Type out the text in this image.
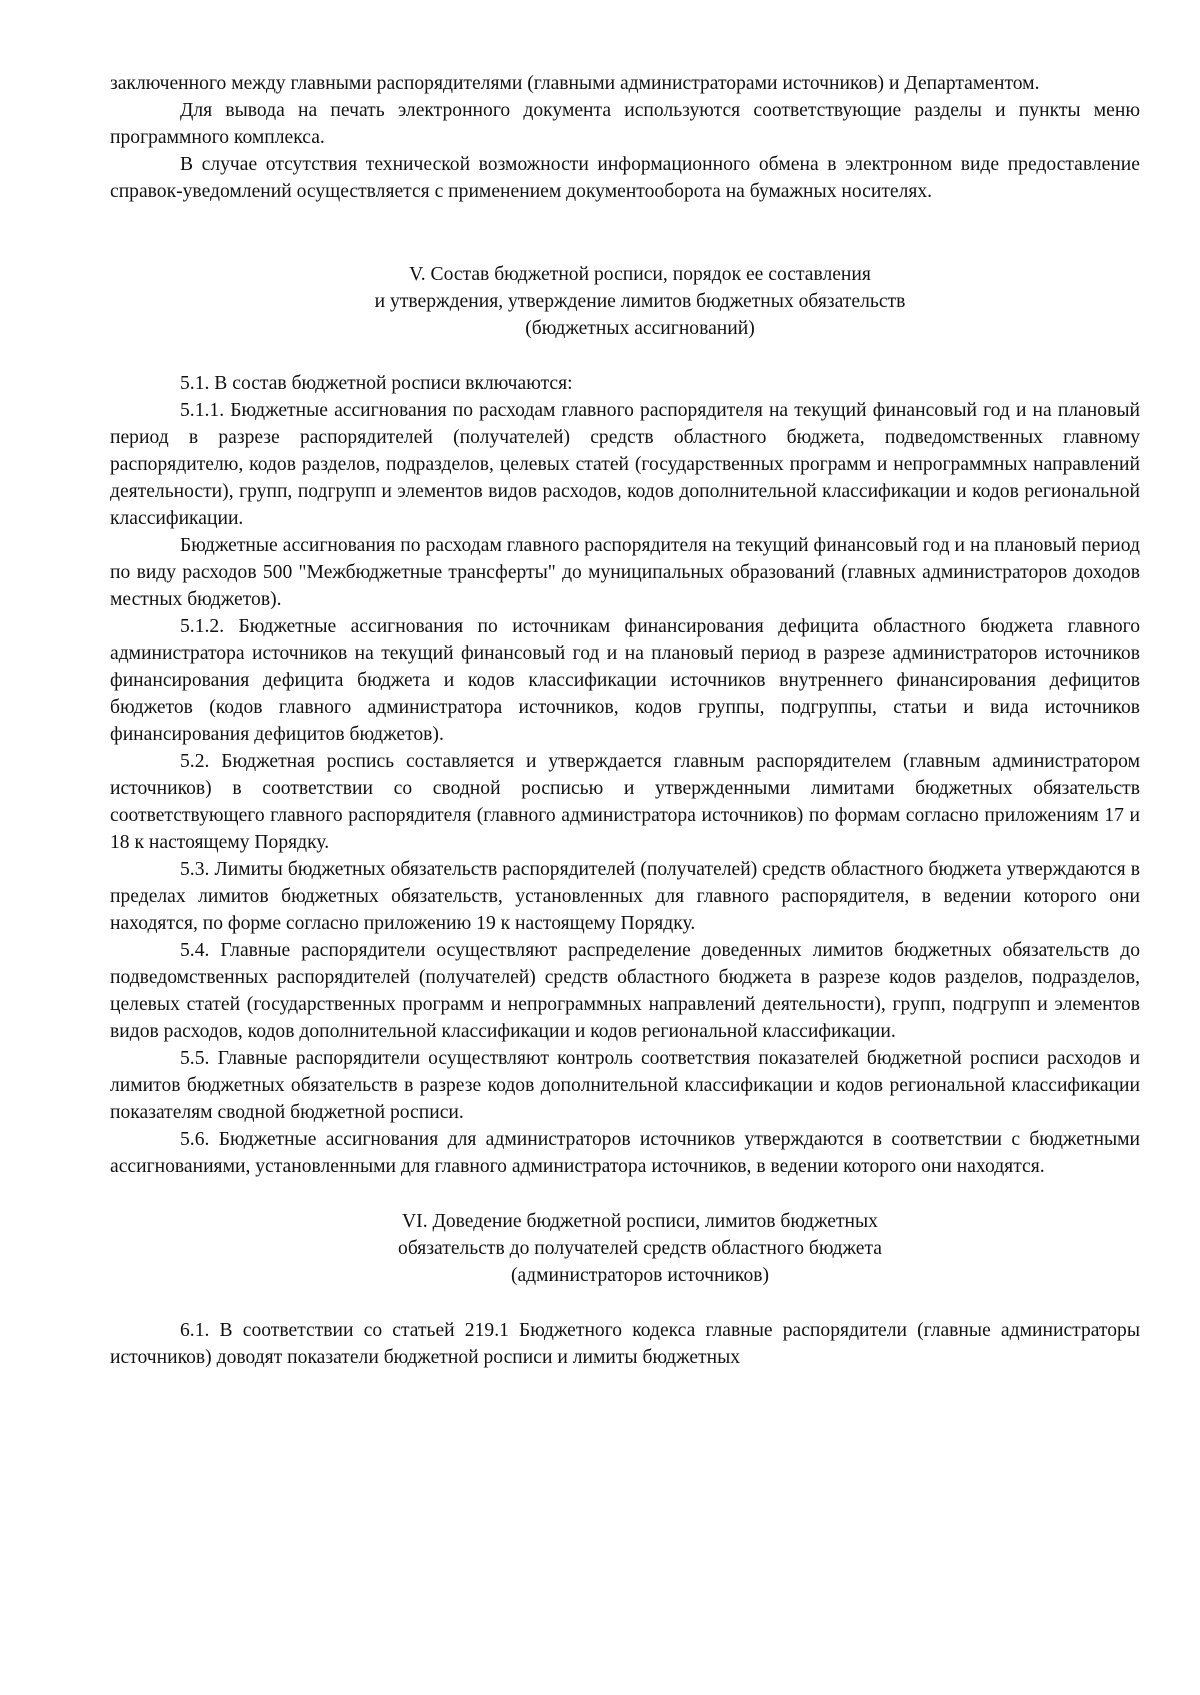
заключенного между главными распорядителями (главными администраторами источников) и Департаментом.

Для вывода на печать электронного документа используются соответствующие разделы и пункты меню программного комплекса.

В случае отсутствия технической возможности информационного обмена в электронном виде предоставление справок-уведомлений осуществляется с применением документооборота на бумажных носителях.

V. Состав бюджетной росписи, порядок ее составления
и утверждения, утверждение лимитов бюджетных обязательств
(бюджетных ассигнований)

5.1. В состав бюджетной росписи включаются:

5.1.1. Бюджетные ассигнования по расходам главного распорядителя на текущий финансовый год и на плановый период в разрезе распорядителей (получателей) средств областного бюджета, подведомственных главному распорядителю, кодов разделов, подразделов, целевых статей (государственных программ и непрограммных направлений деятельности), групп, подгрупп и элементов видов расходов, кодов дополнительной классификации и кодов региональной классификации.

Бюджетные ассигнования по расходам главного распорядителя на текущий финансовый год и на плановый период по виду расходов 500 "Межбюджетные трансферты" до муниципальных образований (главных администраторов доходов местных бюджетов).

5.1.2. Бюджетные ассигнования по источникам финансирования дефицита областного бюджета главного администратора источников на текущий финансовый год и на плановый период в разрезе администраторов источников финансирования дефицита бюджета и кодов классификации источников внутреннего финансирования дефицитов бюджетов (кодов главного администратора источников, кодов группы, подгруппы, статьи и вида источников финансирования дефицитов бюджетов).

5.2. Бюджетная роспись составляется и утверждается главным распорядителем (главным администратором источников) в соответствии со сводной росписью и утвержденными лимитами бюджетных обязательств соответствующего главного распорядителя (главного администратора источников) по формам согласно приложениям 17 и 18 к настоящему Порядку.

5.3. Лимиты бюджетных обязательств распорядителей (получателей) средств областного бюджета утверждаются в пределах лимитов бюджетных обязательств, установленных для главного распорядителя, в ведении которого они находятся, по форме согласно приложению 19 к настоящему Порядку.

5.4. Главные распорядители осуществляют распределение доведенных лимитов бюджетных обязательств до подведомственных распорядителей (получателей) средств областного бюджета в разрезе кодов разделов, подразделов, целевых статей (государственных программ и непрограммных направлений деятельности), групп, подгрупп и элементов видов расходов, кодов дополнительной классификации и кодов региональной классификации.

5.5. Главные распорядители осуществляют контроль соответствия показателей бюджетной росписи расходов и лимитов бюджетных обязательств в разрезе кодов дополнительной классификации и кодов региональной классификации показателям сводной бюджетной росписи.

5.6. Бюджетные ассигнования для администраторов источников утверждаются в соответствии с бюджетными ассигнованиями, установленными для главного администратора источников, в ведении которого они находятся.

VI. Доведение бюджетной росписи, лимитов бюджетных
обязательств до получателей средств областного бюджета
(администраторов источников)

6.1. В соответствии со статьей 219.1 Бюджетного кодекса главные распорядители (главные администраторы источников) доводят показатели бюджетной росписи и лимиты бюджетных
